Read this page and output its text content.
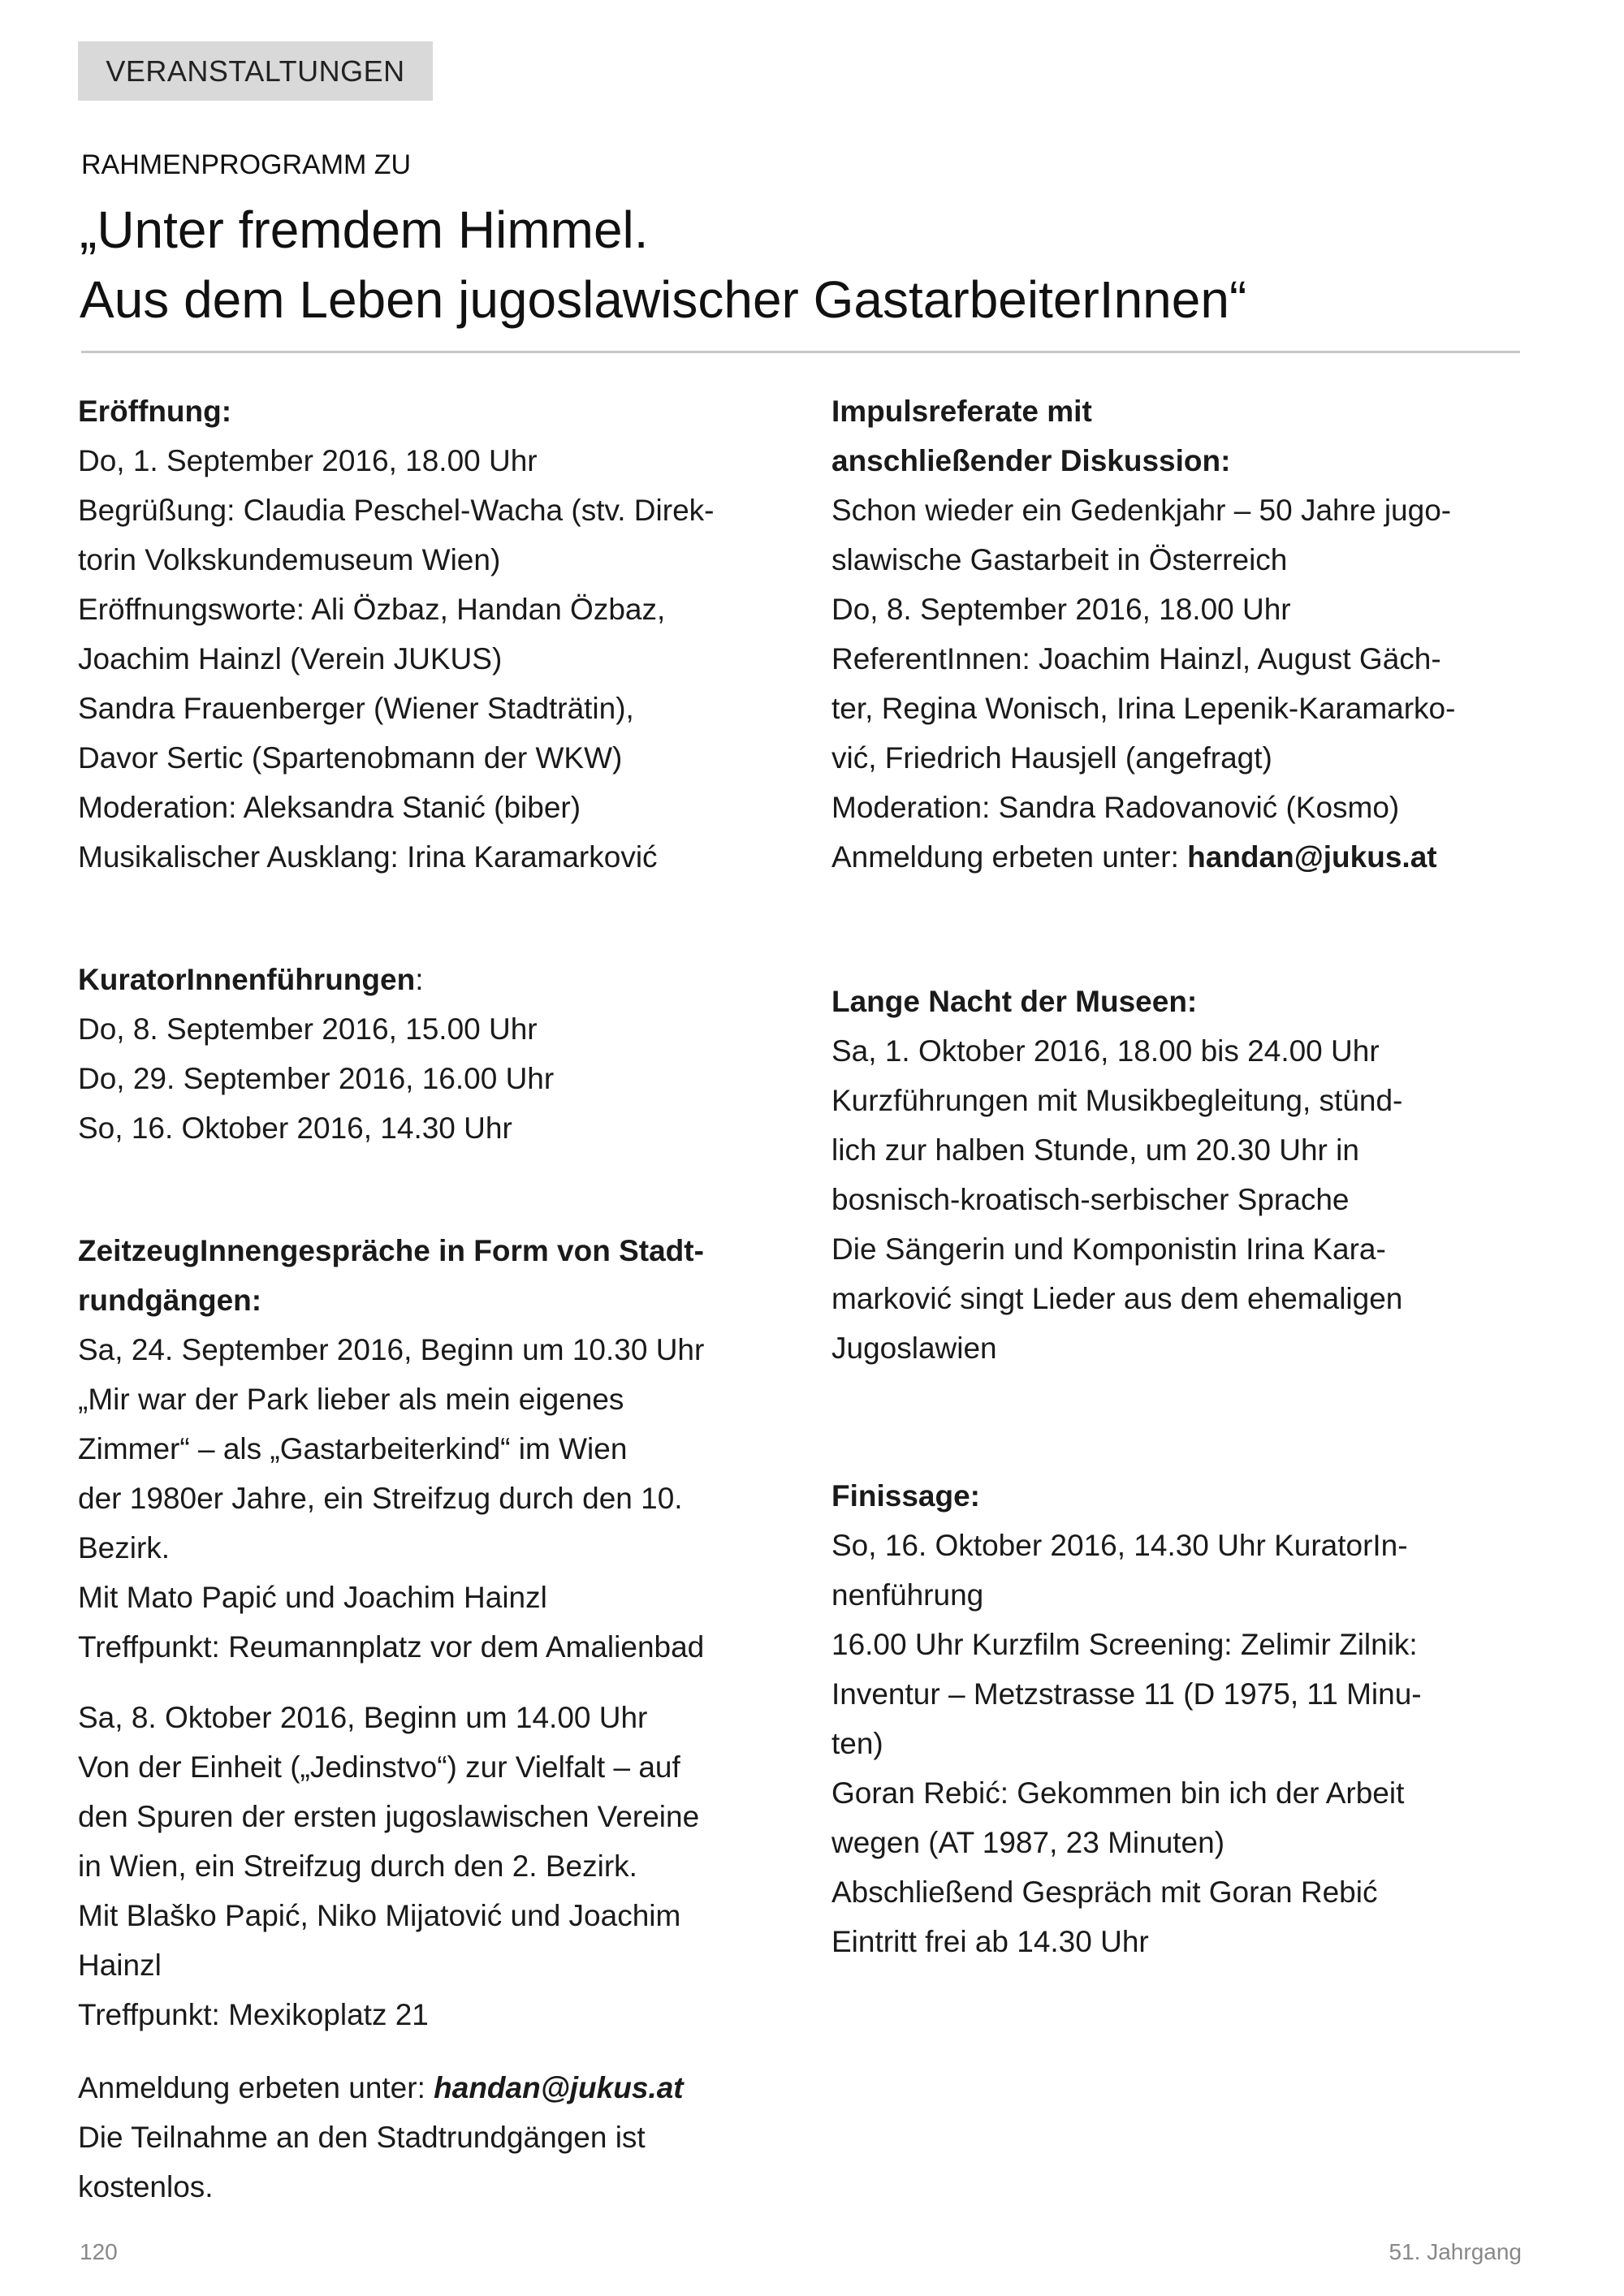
VERANSTALTUNGEN
RAHMENPROGRAMM ZU
„Unter fremdem Himmel.
Aus dem Leben jugoslawischer GastarbeiterInnen“
Eröffnung:
Do, 1. September 2016, 18.00 Uhr
Begrüßung: Claudia Peschel-Wacha (stv. Direk-
torin Volkskundemuseum Wien)
Eröffnungsworte: Ali Özbaz, Handan Özbaz,
Joachim Hainzl (Verein JUKUS)
Sandra Frauenberger (Wiener Stadträtin),
Davor Sertic (Spartenobmann der WKW)
Moderation: Aleksandra Stanić (biber)
Musikalischer Ausklang: Irina Karamarković
KuratorInnenführungen:
Do, 8. September 2016, 15.00 Uhr
Do, 29. September 2016, 16.00 Uhr
So, 16. Oktober 2016, 14.30 Uhr
ZeitzeugInnengespräche in Form von Stadt-
rundgängen:
Sa, 24. September 2016, Beginn um 10.30 Uhr
„Mir war der Park lieber als mein eigenes
Zimmer“ – als „Gastarbeiterkind“ im Wien
der 1980er Jahre, ein Streifzug durch den 10.
Bezirk.
Mit Mato Papić und Joachim Hainzl
Treffpunkt: Reumannplatz vor dem Amalienbad
Sa, 8. Oktober 2016, Beginn um 14.00 Uhr
Von der Einheit („Jedinstvo“) zur Vielfalt – auf
den Spuren der ersten jugoslawischen Vereine
in Wien, ein Streifzug durch den 2. Bezirk.
Mit Blaško Papić, Niko Mijatović und Joachim
Hainzl
Treffpunkt: Mexikoplatz 21
Anmeldung erbeten unter: handan@jukus.at
Die Teilnahme an den Stadtrundgängen ist
kostenlos.
Impulsreferate mit
anschließender Diskussion:
Schon wieder ein Gedenkjahr – 50 Jahre jugo-
slawische Gastarbeit in Österreich
Do, 8. September 2016, 18.00 Uhr
ReferentInnen: Joachim Hainzl, August Gäch-
ter, Regina Wonisch, Irina Lepenik-Karamarko-
vić, Friedrich Hausjell (angefragt)
Moderation: Sandra Radovanović (Kosmo)
Anmeldung erbeten unter: handan@jukus.at
Lange Nacht der Museen:
Sa, 1. Oktober 2016, 18.00 bis 24.00 Uhr
Kurzführungen mit Musikbegleitung, stünd-
lich zur halben Stunde, um 20.30 Uhr in
bosnisch-kroatisch-serbischer Sprache
Die Sängerin und Komponistin Irina Kara-
marković singt Lieder aus dem ehemaligen
Jugoslawien
Finissage:
So, 16. Oktober 2016, 14.30 Uhr KuratorIn-
nenführung
16.00 Uhr Kurzfilm Screening: Zelimir Zilnik:
Inventur – Metzstrasse 11 (D 1975, 11 Minu-
ten)
Goran Rebić: Gekommen bin ich der Arbeit
wegen (AT 1987, 23 Minuten)
Abschließend Gespräch mit Goran Rebić
Eintritt frei ab 14.30 Uhr
120	51. Jahrgang
